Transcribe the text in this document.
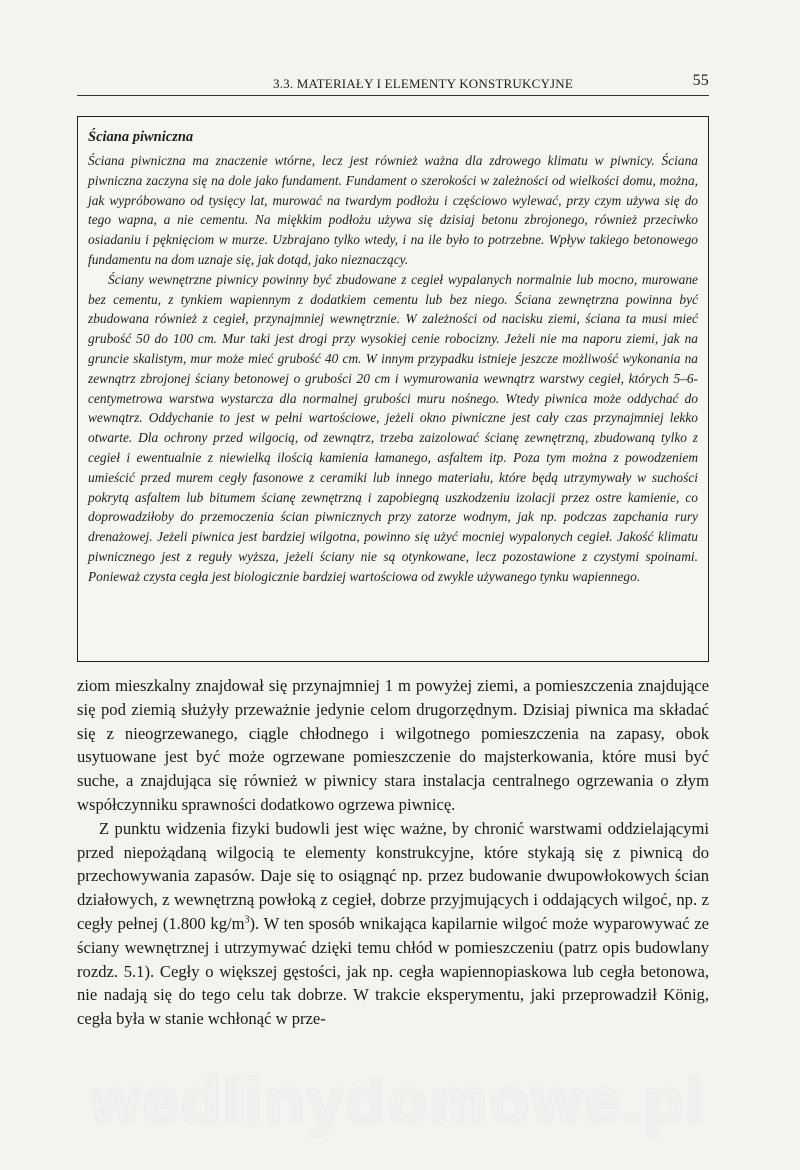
3.3. MATERIAŁY I ELEMENTY KONSTRUKCYJNE	55
Ściana piwniczna

Ściana piwniczna ma znaczenie wtórne, lecz jest również ważna dla zdrowego klimatu w piwnicy. Ściana piwniczna zaczyna się na dole jako fundament. Fundament o szerokości w zależności od wielkości domu, można, jak wypróbowano od tysięcy lat, murować na twardym podłożu i częściowo wylewać, przy czym używa się do tego wapna, a nie cementu. Na miękkim podłożu używa się dzisiaj betonu zbrojonego, również przeciwko osiadaniu i pęknięciom w murze. Uzbrajano tylko wtedy, i na ile było to potrzebne. Wpływ takiego betonowego fundamentu na dom uznaje się, jak dotąd, jako nieznaczący.

Ściany wewnętrzne piwnicy powinny być zbudowane z cegieł wypalanych normalnie lub mocno, murowane bez cementu, z tynkiem wapiennym z dodatkiem cementu lub bez niego. Ściana zewnętrzna powinna być zbudowana również z cegieł, przynajmniej wewnętrznie. W zależności od nacisku ziemi, ściana ta musi mieć grubość 50 do 100 cm. Mur taki jest drogi przy wysokiej cenie robocizny. Jeżeli nie ma naporu ziemi, jak na gruncie skalistym, mur może mieć grubość 40 cm. W innym przypadku istnieje jeszcze możliwość wykonania na zewnątrz zbrojonej ściany betonowej o grubości 20 cm i wymurowania wewnątrz warstwy cegieł, których 5–6-centymetrowa warstwa wystarcza dla normalnej grubości muru nośnego. Wtedy piwnica może oddychać do wewnątrz. Oddychanie to jest w pełni wartościowe, jeżeli okno piwniczne jest cały czas przynajmniej lekko otwarte. Dla ochrony przed wilgocią, od zewnątrz, trzeba zaizolować ścianę zewnętrzną, zbudowaną tylko z cegieł i ewentualnie z niewielką ilością kamienia łamanego, asfaltem itp. Poza tym można z powodzeniem umieścić przed murem cegły fasonowe z ceramiki lub innego materiału, które będą utrzymywały w suchości pokrytą asfaltem lub bitumem ścianę zewnętrzną i zapobiegną uszkodzeniu izolacji przez ostre kamienie, co doprowadziłoby do przemoczenia ścian piwnicznych przy zatorze wodnym, jak np. podczas zapchania rury drenażowej. Jeżeli piwnica jest bardziej wilgotna, powinno się użyć mocniej wypalonych cegieł. Jakość klimatu piwnicznego jest z reguły wyższa, jeżeli ściany nie są otynkowane, lecz pozostawione z czystymi spoinami. Ponieważ czysta cegła jest biologicznie bardziej wartościowa od zwykle używanego tynku wapiennego.

ziom mieszkalny znajdował się przynajmniej 1 m powyżej ziemi, a pomieszczenia znajdujące się pod ziemią służyły przeważnie jedynie celom drugorzędnym. Dzisiaj piwnica ma składać się z nieogrzewanego, ciągle chłodnego i wilgotnego pomieszczenia na zapasy, obok usytuowane jest być może ogrzewane pomieszczenie do majsterkowania, które musi być suche, a znajdująca się również w piwnicy stara instalacja centralnego ogrzewania o złym współczynniku sprawności dodatkowo ogrzewa piwnicę.

Z punktu widzenia fizyki budowli jest więc ważne, by chronić warstwami oddzielającymi przed niepożądaną wilgocią te elementy konstrukcyjne, które stykają się z piwnicą do przechowywania zapasów. Daje się to osiągnąć np. przez budowanie dwupowłokowych ścian działowych, z wewnętrzną powłoką z cegieł, dobrze przyjmujących i oddających wilgoć, np. z cegły pełnej (1.800 $kg/m^3$). W ten sposób wnikająca kapilarnie wilgoć może wyparowywać ze ściany wewnętrznej i utrzymywać dzięki temu chłód w pomieszczeniu (patrz opis budowlany rozdz. 5.1). Cegły o większej gęstości, jak np. cegła wapiennopiaskowa lub cegła betonowa, nie nadają się do tego celu tak dobrze. W trakcie eksperymentu, jaki przeprowadził König, cegła była w stanie wchłonąć w prze-

wedlinydomowe.pl
